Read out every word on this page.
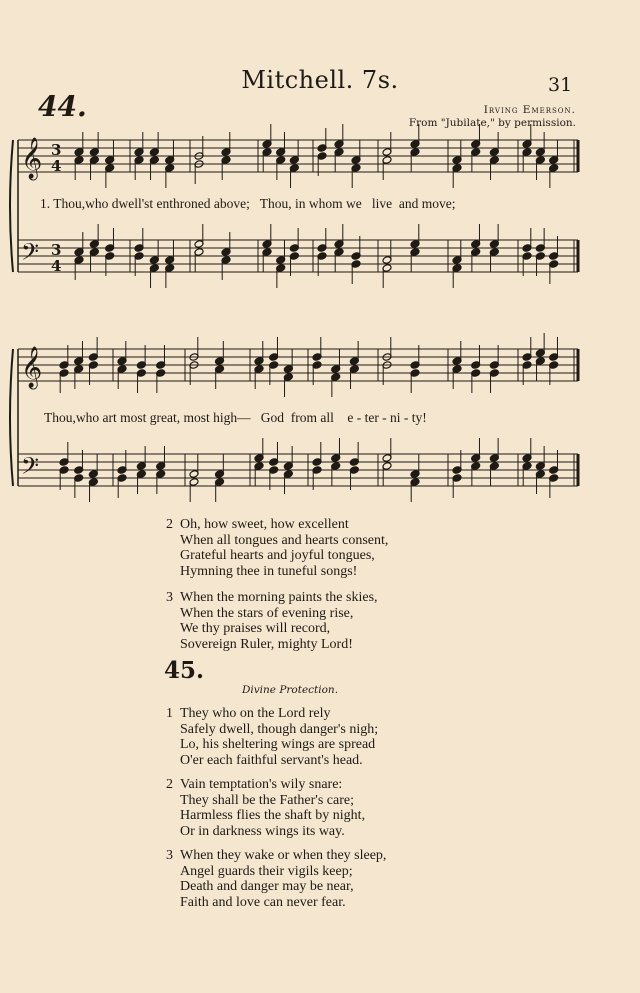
Mitchell. 7s.	31
44.	Irving Emerson.
From "Jubilate," by permission.
𝄞
𝄢
3
4
3
4
𝄞
𝄢
1. Thou,who dwell'st enthroned above;   Thou, in whom we   live  and move;
Thou,who art most great, most high—   God  from all    e - ter - ni - ty!
2 Oh, how sweet, how excellent
When all tongues and hearts consent,
Grateful hearts and joyful tongues,
Hymning thee in tuneful songs!
3 When the morning paints the skies,
When the stars of evening rise,
We thy praises will record,
Sovereign Ruler, mighty Lord!
45.
Divine Protection.
1 They who on the Lord rely
Safely dwell, though danger's nigh;
Lo, his sheltering wings are spread
O'er each faithful servant's head.
2 Vain temptation's wily snare:
They shall be the Father's care;
Harmless flies the shaft by night,
Or in darkness wings its way.
3 When they wake or when they sleep,
Angel guards their vigils keep;
Death and danger may be near,
Faith and love can never fear.
